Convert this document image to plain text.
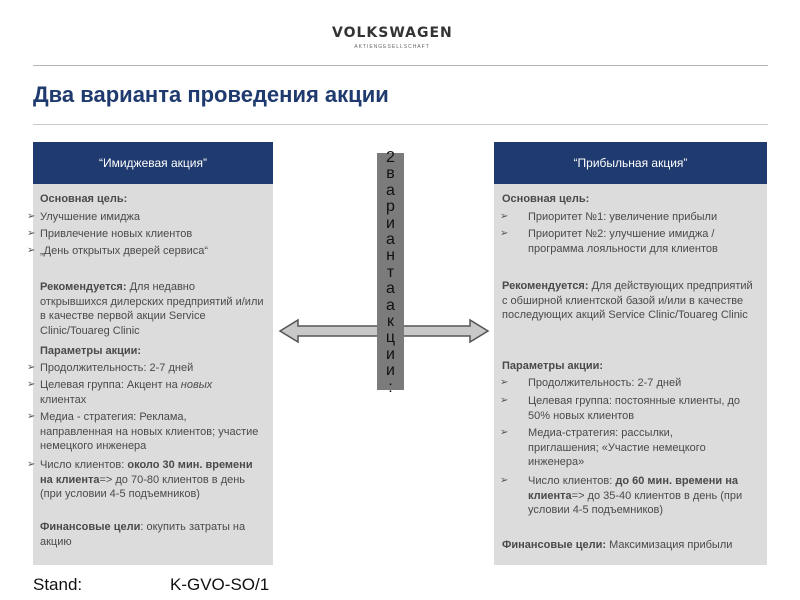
VOLKSWAGEN
AKTIENGESELLSCHAFT
Два варианта проведения акции
“Имиджевая акция”
Основная цель:
➢ Улучшение имиджа
➢ Привлечение новых клиентов
➢ „День открытых дверей сервиса“
Рекомендуется: Для недавно открывшихся дилерских предприятий и/или в качестве первой акции Service Clinic/Touareg Clinic
Параметры акции:
➢ Продолжительность: 2-7 дней
➢ Целевая группа: Акцент на новых клиентах
➢ Медиа - стратегия: Реклама, направленная на новых клиентов; участие немецкого инженера
➢ Число клиентов: около 30 мин. времени на клиента=> до 70-80 клиентов в день (при условии 4-5 подъемников)
Финансовые цели: окупить затраты на акцию
“Прибыльная акция”
Основная цель:
➢ Приоритет №1: увеличение прибыли
➢ Приоритет №2: улучшение имиджа / программа лояльности для клиентов
Рекомендуется: Для действующих предприятий с обширной клиентской базой и/или в качестве последующих акций Service Clinic/Touareg Clinic
Параметры акции:
➢ Продолжительность: 2-7 дней
➢ Целевая группа: постоянные клиенты, до 50% новых клиентов
➢ Медиа-стратегия: рассылки, приглашения; «Участие немецкого инженера»
➢ Число клиентов: до 60 мин. времени на клиента=> до 35-40 клиентов в день (при условии 4-5 подъемников)
Финансовые цели: Максимизация прибыли
2
в
а
р
и
а
н
т
а
а
к
ц
и
и
:
Stand:	K-GVO-SO/1
